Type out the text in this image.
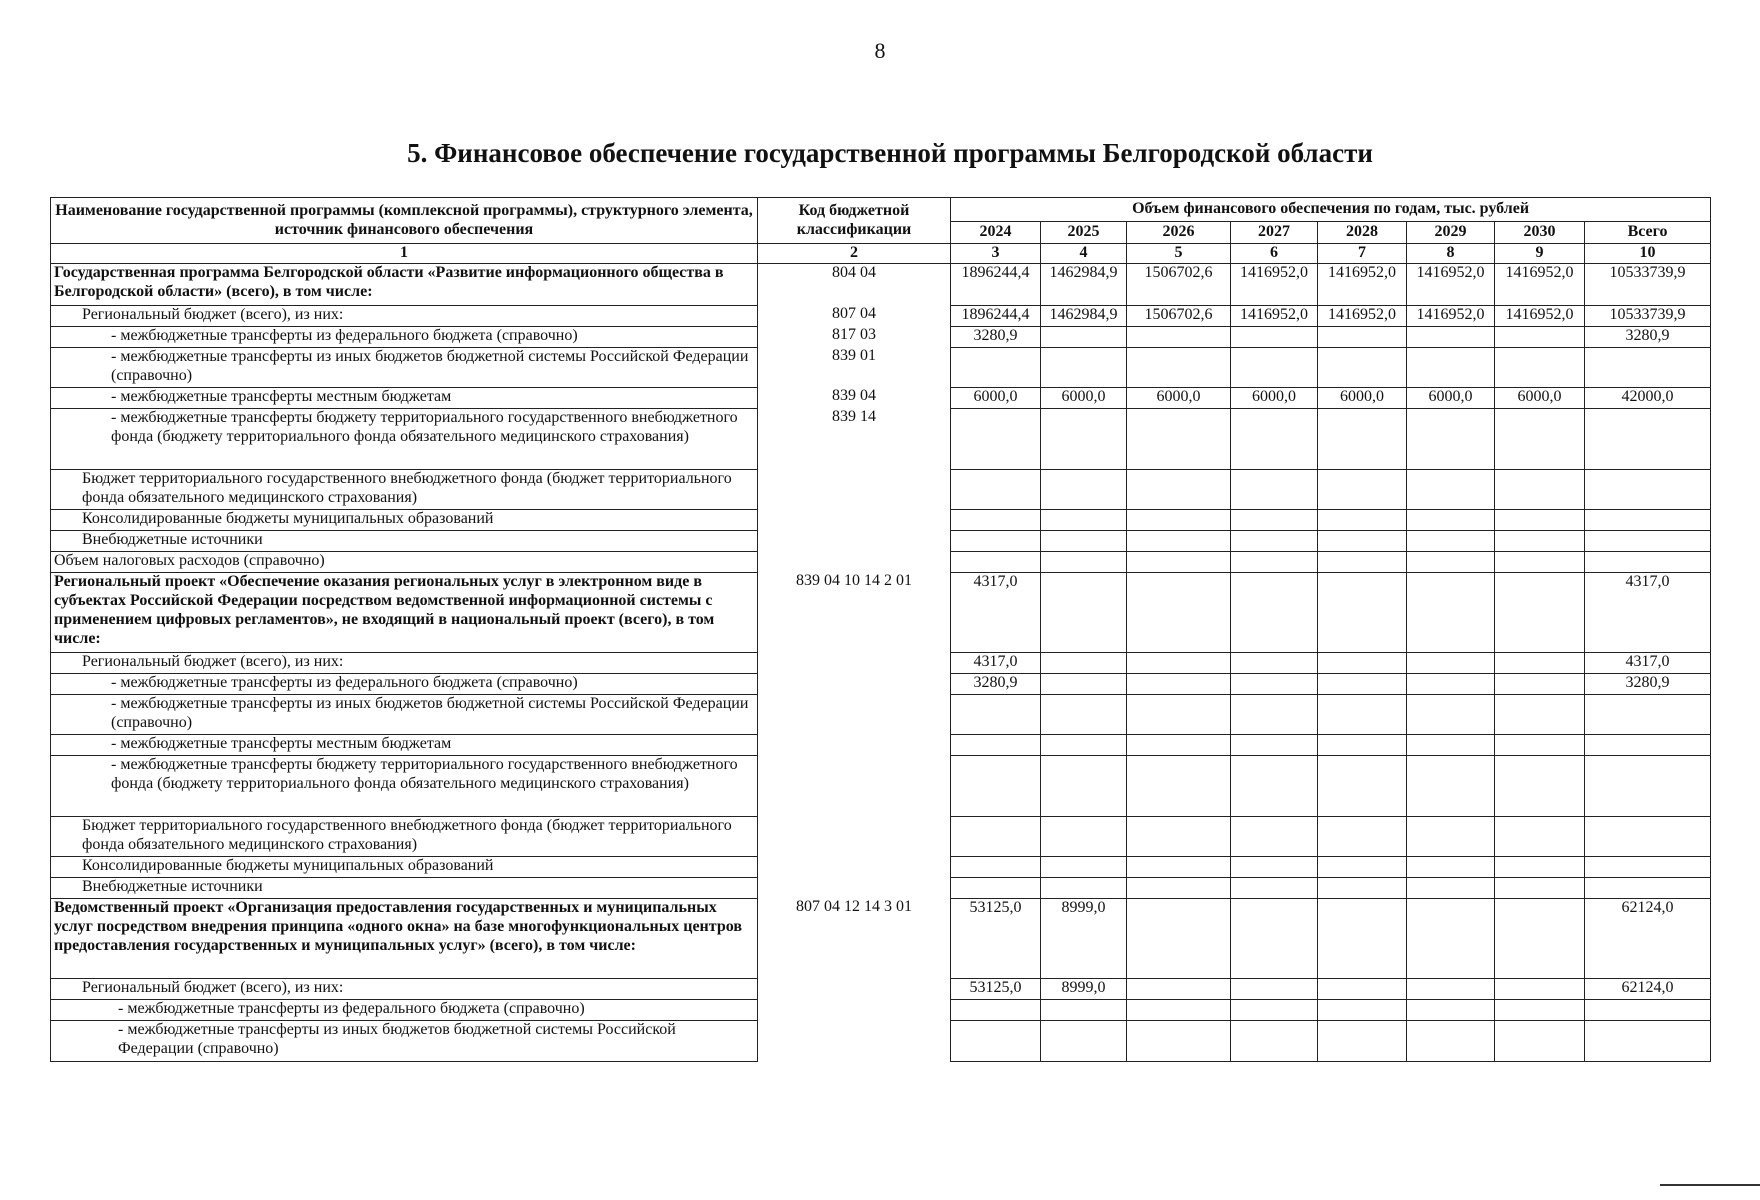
8
5. Финансовое обеспечение государственной программы Белгородской области
Наименование государственной программы (комплексной программы), структурного элемента, источник финансового обеспечения	Код бюджетной классификации	Объем финансового обеспечения по годам, тыс. рублей							
		2024	2025	2026	2027	2028	2029	2030	Всего
1	2	3	4	5	6	7	8	9	10
Государственная программа Белгородской области «Развитие информационного общества в Белгородской области» (всего), в том числе:	804 04	1896244,4	1462984,9	1506702,6	1416952,0	1416952,0	1416952,0	1416952,0	10533739,9
Региональный бюджет (всего), из них:	807 04	1896244,4	1462984,9	1506702,6	1416952,0	1416952,0	1416952,0	1416952,0	10533739,9
- межбюджетные трансферты из федерального бюджета (справочно)	817 03	3280,9							3280,9
- межбюджетные трансферты из иных бюджетов бюджетной системы Российской Федерации (справочно)	839 01								
- межбюджетные трансферты местным бюджетам	839 04	6000,0	6000,0	6000,0	6000,0	6000,0	6000,0	6000,0	42000,0
- межбюджетные трансферты бюджету территориального государственного внебюджетного фонда (бюджету территориального фонда обязательного медицинского страхования)	839 14								
Бюджет территориального государственного внебюджетного фонда (бюджет территориального фонда обязательного медицинского страхования)									
Консолидированные бюджеты муниципальных образований									
Внебюджетные источники									
Объем налоговых расходов (справочно)									
Региональный проект «Обеспечение оказания региональных услуг в электронном виде в субъектах Российской Федерации посредством ведомственной информационной системы с применением цифровых регламентов», не входящий в национальный проект (всего), в том числе:	839 04 10 14 2 01	4317,0							4317,0
Региональный бюджет (всего), из них:		4317,0							4317,0
- межбюджетные трансферты из федерального бюджета (справочно)		3280,9							3280,9
- межбюджетные трансферты из иных бюджетов бюджетной системы Российской Федерации (справочно)									
- межбюджетные трансферты местным бюджетам									
- межбюджетные трансферты бюджету территориального государственного внебюджетного фонда (бюджету территориального фонда обязательного медицинского страхования)									
Бюджет территориального государственного внебюджетного фонда (бюджет территориального фонда обязательного медицинского страхования)									
Консолидированные бюджеты муниципальных образований									
Внебюджетные источники									
Ведомственный проект «Организация предоставления государственных и муниципальных услуг посредством внедрения принципа «одного окна» на базе многофункциональных центров предоставления государственных и муниципальных услуг» (всего), в том числе:	807 04 12 14 3 01	53125,0	8999,0						62124,0
Региональный бюджет (всего), из них:		53125,0	8999,0						62124,0
- межбюджетные трансферты из федерального бюджета (справочно)									
- межбюджетные трансферты из иных бюджетов бюджетной системы Российской Федерации (справочно)									
